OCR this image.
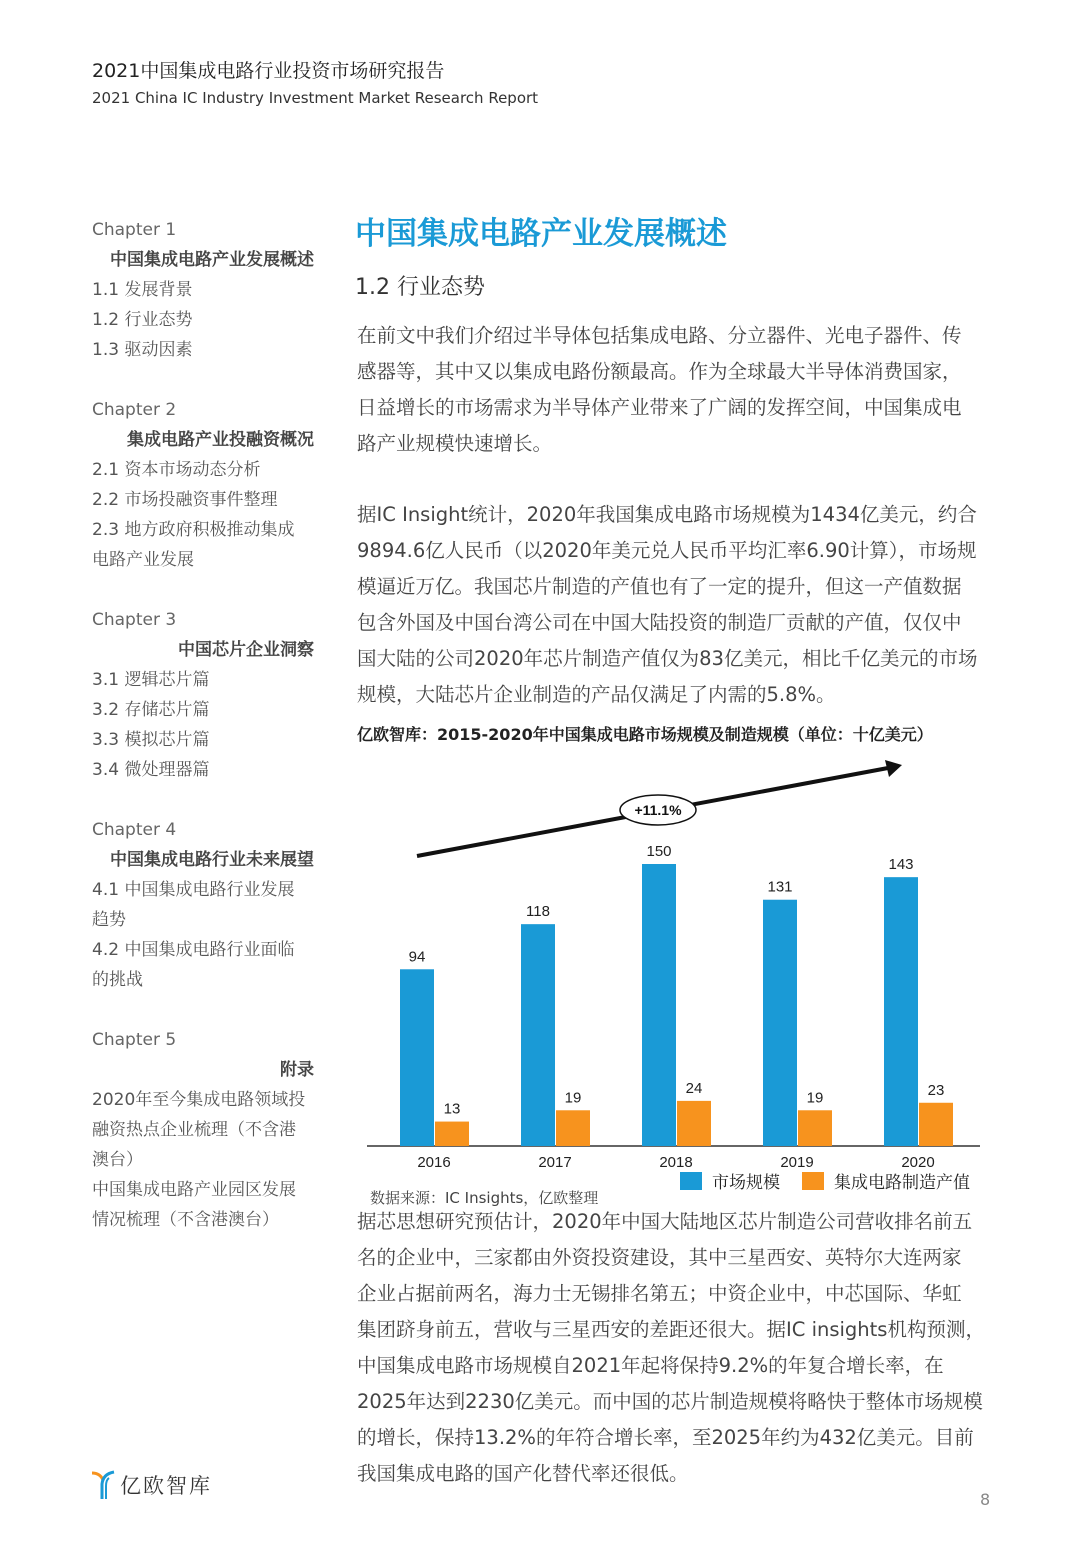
2021中国集成电路行业投资市场研究报告
2021 China IC Industry Investment Market Research Report
Chapter 1
中国集成电路产业发展概述
1.1 发展背景
1.2 行业态势
1.3 驱动因素
Chapter 2
集成电路产业投融资概况
2.1 资本市场动态分析
2.2 市场投融资事件整理
2.3 地方政府积极推动集成
电路产业发展
Chapter 3
中国芯片企业洞察
3.1 逻辑芯片篇
3.2 存储芯片篇
3.3 模拟芯片篇
3.4 微处理器篇
Chapter 4
中国集成电路行业未来展望
4.1 中国集成电路行业发展
趋势
4.2 中国集成电路行业面临
的挑战
Chapter 5
附录
2020年至今集成电路领域投
融资热点企业梳理（不含港
澳台）
中国集成电路产业园区发展
情况梳理（不含港澳台）
中国集成电路产业发展概述
1.2 行业态势
在前文中我们介绍过半导体包括集成电路、分立器件、光电子器件、传
感器等，其中又以集成电路份额最高。作为全球最大半导体消费国家，
日益增长的市场需求为半导体产业带来了广阔的发挥空间，中国集成电
路产业规模快速增长。
据IC Insight统计，2020年我国集成电路市场规模为1434亿美元，约合
9894.6亿人民币（以2020年美元兑人民币平均汇率6.90计算），市场规
模逼近万亿。我国芯片制造的产值也有了一定的提升，但这一产值数据
包含外国及中国台湾公司在中国大陆投资的制造厂贡献的产值，仅仅中
国大陆的公司2020年芯片制造产值仅为83亿美元，相比千亿美元的市场
规模，大陆芯片企业制造的产品仅满足了内需的5.8%。
亿欧智库：2015-2020年中国集成电路市场规模及制造规模（单位：十亿美元）
94
13
2016
118
19
2017
150
24
2018
131
19
2019
143
23
2020
+11.1%
市场规模	集成电路制造产值
数据来源：IC Insights，亿欧整理
据芯思想研究预估计，2020年中国大陆地区芯片制造公司营收排名前五
名的企业中，三家都由外资投资建设，其中三星西安、英特尔大连两家
企业占据前两名，海力士无锡排名第五；中资企业中，中芯国际、华虹
集团跻身前五，营收与三星西安的差距还很大。据IC insights机构预测，
中国集成电路市场规模自2021年起将保持9.2%的年复合增长率，在
2025年达到2230亿美元。而中国的芯片制造规模将略快于整体市场规模
的增长，保持13.2%的年符合增长率，至2025年约为432亿美元。目前
我国集成电路的国产化替代率还很低。
亿欧智库
8
